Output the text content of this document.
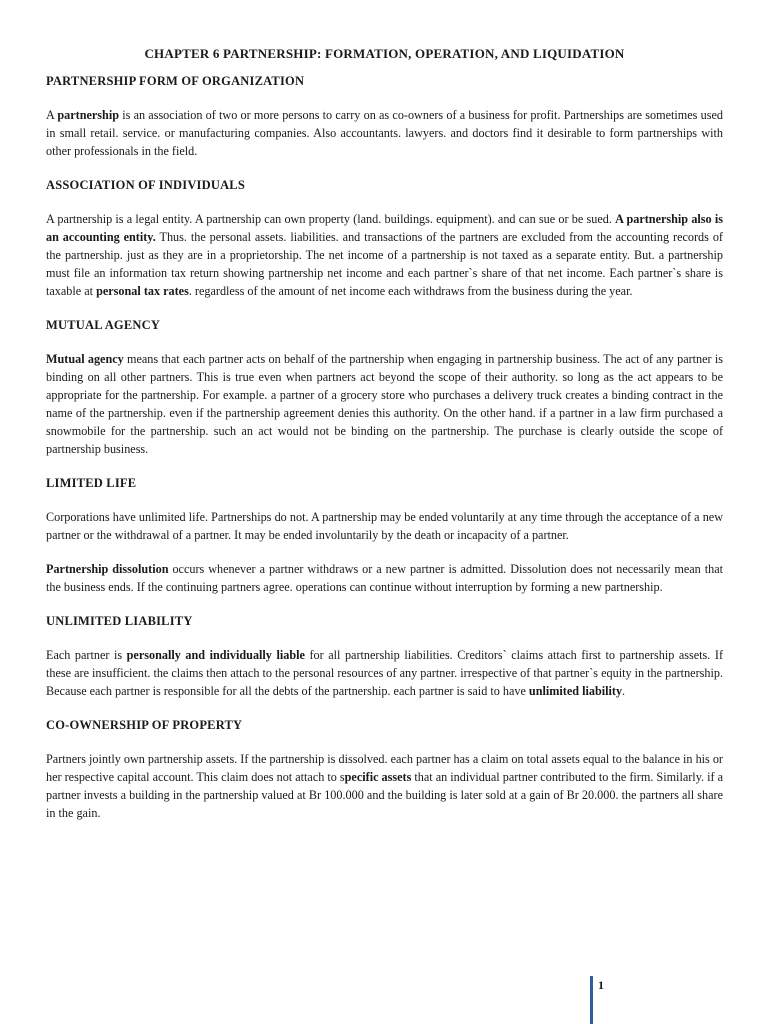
CHAPTER 6 PARTNERSHIP: FORMATION, OPERATION, AND LIQUIDATION
PARTNERSHIP FORM OF ORGANIZATION

A partnership is an association of two or more persons to carry on as co-owners of a business for profit. Partnerships are sometimes used in small retail. service. or manufacturing companies. Also accountants. lawyers. and doctors find it desirable to form partnerships with other professionals in the field.

ASSOCIATION OF INDIVIDUALS

A partnership is a legal entity. A partnership can own property (land. buildings. equipment). and can sue or be sued. A partnership also is an accounting entity. Thus. the personal assets. liabilities. and transactions of the partners are excluded from the accounting records of the partnership. just as they are in a proprietorship. The net income of a partnership is not taxed as a separate entity. But. a partnership must file an information tax return showing partnership net income and each partner`s share of that net income. Each partner`s share is taxable at personal tax rates. regardless of the amount of net income each withdraws from the business during the year.

MUTUAL AGENCY

Mutual agency means that each partner acts on behalf of the partnership when engaging in partnership business. The act of any partner is binding on all other partners. This is true even when partners act beyond the scope of their authority. so long as the act appears to be appropriate for the partnership. For example. a partner of a grocery store who purchases a delivery truck creates a binding contract in the name of the partnership. even if the partnership agreement denies this authority. On the other hand. if a partner in a law firm purchased a snowmobile for the partnership. such an act would not be binding on the partnership. The purchase is clearly outside the scope of partnership business.

LIMITED LIFE

Corporations have unlimited life. Partnerships do not. A partnership may be ended voluntarily at any time through the acceptance of a new partner or the withdrawal of a partner. It may be ended involuntarily by the death or incapacity of a partner.

Partnership dissolution occurs whenever a partner withdraws or a new partner is admitted. Dissolution does not necessarily mean that the business ends. If the continuing partners agree. operations can continue without interruption by forming a new partnership.

UNLIMITED LIABILITY

Each partner is personally and individually liable for all partnership liabilities. Creditors` claims attach first to partnership assets. If these are insufficient. the claims then attach to the personal resources of any partner. irrespective of that partner`s equity in the partnership. Because each partner is responsible for all the debts of the partnership. each partner is said to have unlimited liability.

CO-OWNERSHIP OF PROPERTY

Partners jointly own partnership assets. If the partnership is dissolved. each partner has a claim on total assets equal to the balance in his or her respective capital account. This claim does not attach to specific assets that an individual partner contributed to the firm. Similarly. if a partner invests a building in the partnership valued at Br 100.000 and the building is later sold at a gain of Br 20.000. the partners all share in the gain.

1
